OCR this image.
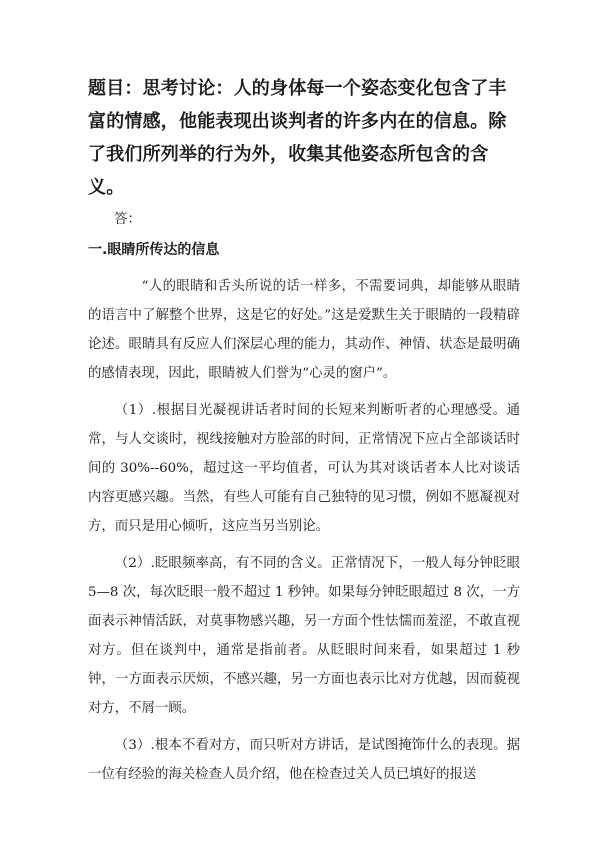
题目：思考讨论：人的身体每一个姿态变化包含了丰富的情感，他能表现出谈判者的许多内在的信息。除了我们所列举的行为外，收集其他姿态所包含的含义。

答：

一.眼睛所传达的信息

“人的眼睛和舌头所说的话一样多，不需要词典，却能够从眼睛的语言中了解整个世界，这是它的好处。”这是爱默生关于眼睛的一段精辟论述。眼睛具有反应人们深层心理的能力，其动作、神情、状态是最明确的感情表现，因此，眼睛被人们誉为“心灵的窗户”。

（1）.根据目光凝视讲话者时间的长短来判断听者的心理感受。通常，与人交谈时，视线接触对方脸部的时间，正常情况下应占全部谈话时间的 30%--60%，超过这一平均值者，可认为其对谈话者本人比对谈话内容更感兴趣。当然，有些人可能有自己独特的见习惯，例如不愿凝视对方，而只是用心倾听，这应当另当别论。

（2）.眨眼频率高，有不同的含义。正常情况下，一般人每分钟眨眼 5—8 次，每次眨眼一般不超过 1 秒钟。如果每分钟眨眼超过 8 次，一方面表示神情活跃，对莫事物感兴趣，另一方面个性怯懦而羞涩，不敢直视对方。但在谈判中，通常是指前者。从眨眼时间来看，如果超过 1 秒钟，一方面表示厌烦，不感兴趣，另一方面也表示比对方优越，因而藐视对方，不屑一顾。

（3）.根本不看对方，而只听对方讲话，是试图掩饰什么的表现。据一位有经验的海关检查人员介绍，他在检查过关人员已填好的报送
